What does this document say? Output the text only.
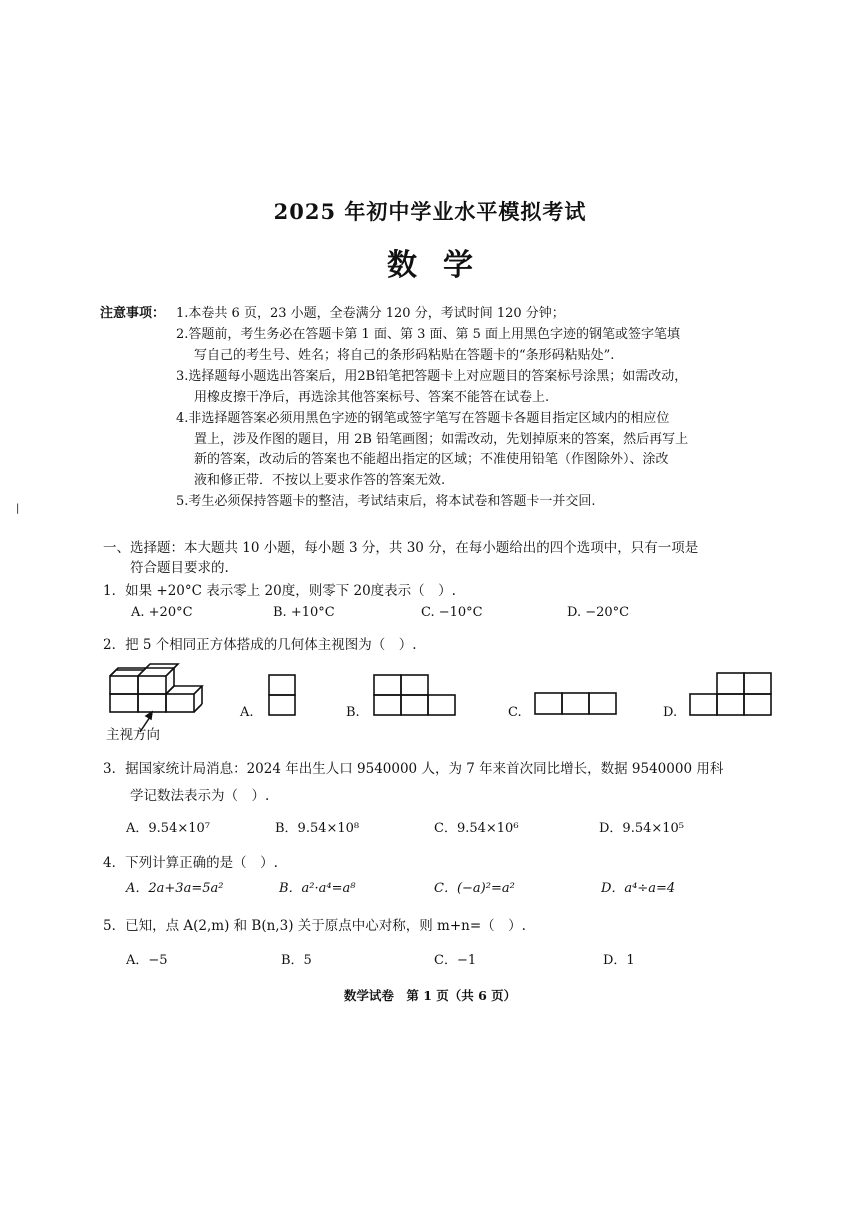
2025 年初中学业水平模拟考试
数学
注意事项： 1.本卷共 6 页，23 小题，全卷满分 120 分，考试时间 120 分钟；
2.答题前，考生务必在答题卡第 1 面、第 3 面、第 5 面上用黑色字迹的钢笔或签字笔填
写自己的考生号、姓名；将自己的条形码粘贴在答题卡的“条形码粘贴处”.
3.选择题每小题选出答案后，用2B铅笔把答题卡上对应题目的答案标号涂黑；如需改动，
用橡皮擦干净后，再选涂其他答案标号、答案不能答在试卷上.
4.非选择题答案必须用黑色字迹的钢笔或签字笔写在答题卡各题目指定区域内的相应位
置上，涉及作图的题目，用 2B 铅笔画图；如需改动，先划掉原来的答案，然后再写上
新的答案，改动后的答案也不能超出指定的区域；不准使用铅笔（作图除外）、涂改
液和修正带．不按以上要求作答的答案无效.
5.考生必须保持答题卡的整洁，考试结束后，将本试卷和答题卡一并交回.
|
一、选择题：本大题共 10 小题，每小题 3 分，共 30 分，在每小题给出的四个选项中，只有一项是
符合题目要求的.
1．如果 +20°C 表示零上 20度，则零下 20度表示（　）.
A. +20°C	B. +10°C	C. −10°C	D. −20°C
2．把 5 个相同正方体搭成的几何体主视图为（　）.
主视方向
A.	B.	C.	D.
3．据国家统计局消息：2024 年出生人口 9540000 人，为 7 年来首次同比增长，数据 9540000 用科
学记数法表示为（　）.
A．9.54×10⁷	B．9.54×10⁸	C．9.54×10⁶	D．9.54×10⁵
4．下列计算正确的是（　）.
A．2a+3a=5a²	B．a²·a⁴=a⁸	C．(−a)²=a²	D．a⁴÷a=4
5．已知，点 A(2,m) 和 B(n,3) 关于原点中心对称，则 m+n=（　）.
A．−5	B．5	C．−1	D．1
数学试卷　第 1 页（共 6 页）
